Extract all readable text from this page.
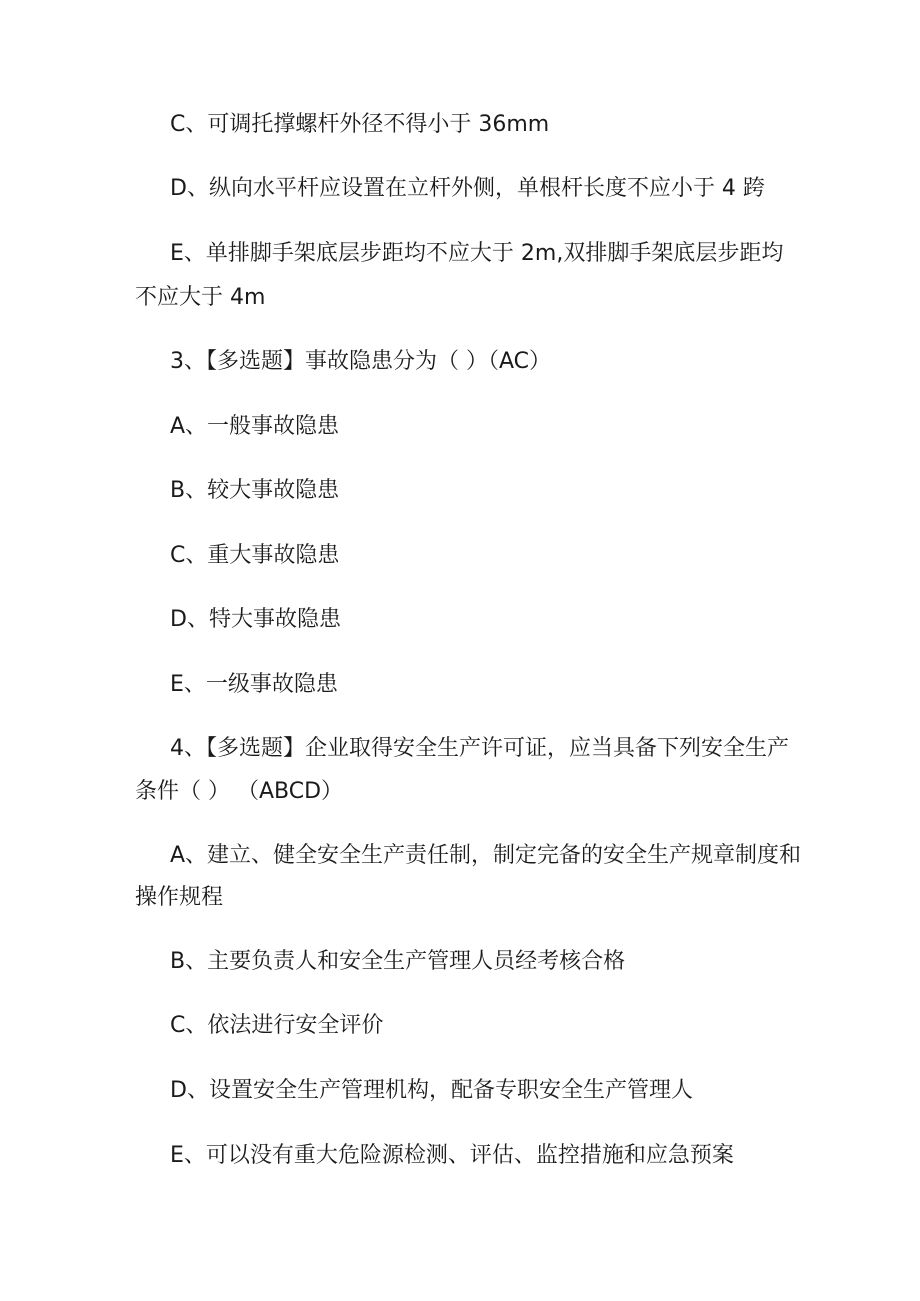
C、可调托撑螺杆外径不得小于 36mm
D、纵向水平杆应设置在立杆外侧，单根杆长度不应小于 4 跨
E、单排脚手架底层步距均不应大于 2m,双排脚手架底层步距均
不应大于 4m
3、【多选题】事故隐患分为（ ）（AC）
A、一般事故隐患
B、较大事故隐患
C、重大事故隐患
D、特大事故隐患
E、一级事故隐患
4、【多选题】企业取得安全生产许可证，应当具备下列安全生产
条件（ ） （ABCD）
A、建立、健全安全生产责任制，制定完备的安全生产规章制度和
操作规程
B、主要负责人和安全生产管理人员经考核合格
C、依法进行安全评价
D、设置安全生产管理机构，配备专职安全生产管理人
E、可以没有重大危险源检测、评估、监控措施和应急预案
